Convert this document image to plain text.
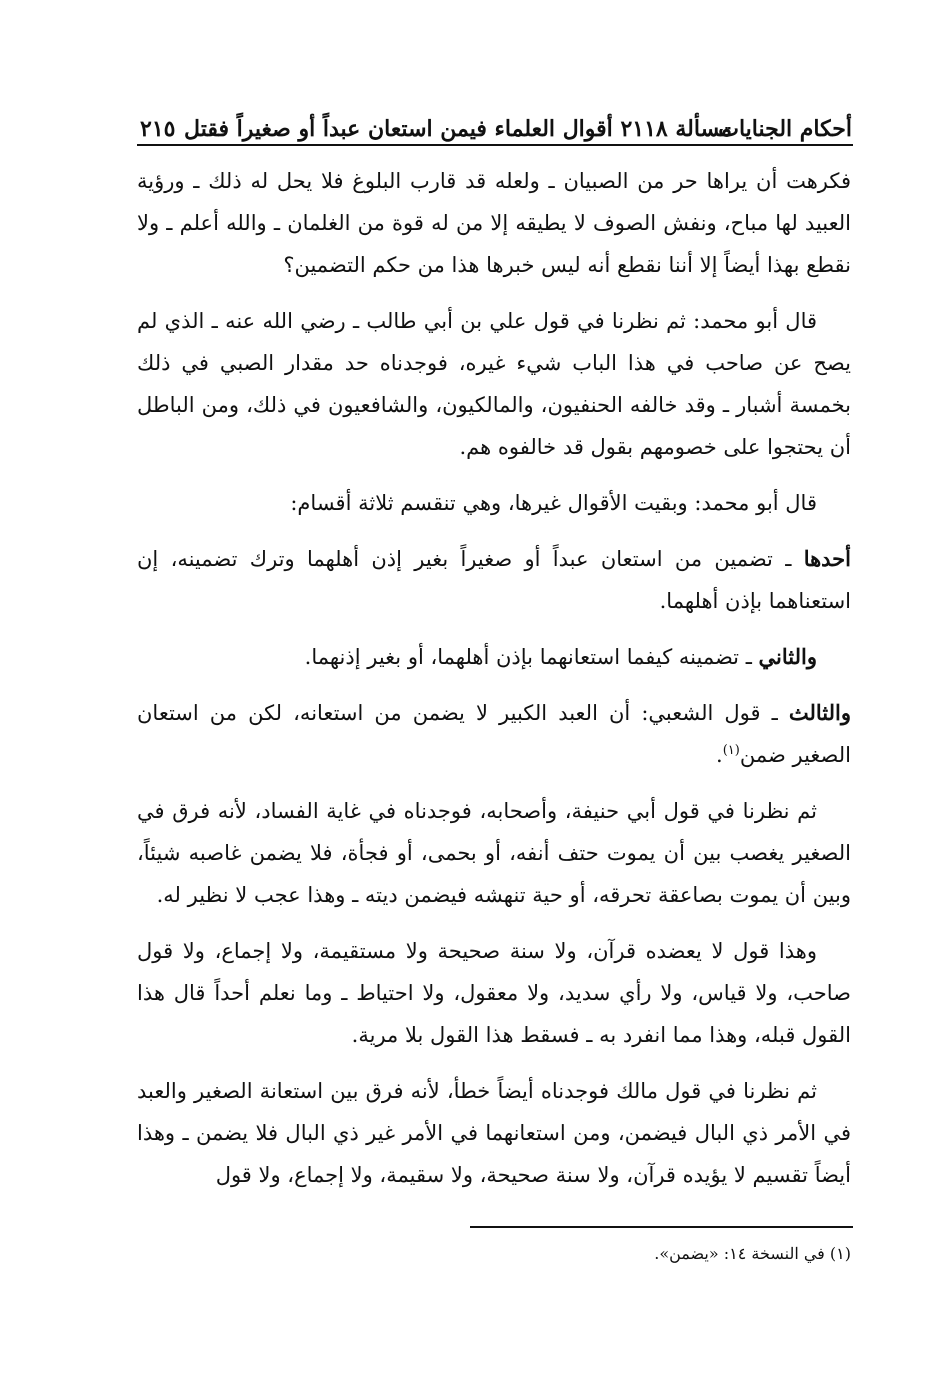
أحكام الجنايات
مسألة ٢١١٨ أقوال العلماء فيمن استعان عبداً أو صغيراً فقتل
٢١٥

فكرهت أن يراها حر من الصبيان ـ ولعله قد قارب البلوغ فلا يحل له ذلك ـ ورؤية العبيد لها مباح، ونفش الصوف لا يطيقه إلا من له قوة من الغلمان ـ والله أعلم ـ ولا نقطع بهذا أيضاً إلا أننا نقطع أنه ليس خبرها هذا من حكم التضمين؟

قال أبو محمد: ثم نظرنا في قول علي بن أبي طالب ـ رضي الله عنه ـ الذي لم يصح عن صاحب في هذا الباب شيء غيره، فوجدناه حد مقدار الصبي في ذلك بخمسة أشبار ـ وقد خالفه الحنفيون، والمالكيون، والشافعيون في ذلك، ومن الباطل أن يحتجوا على خصومهم بقول قد خالفوه هم.

قال أبو محمد: وبقيت الأقوال غيرها، وهي تنقسم ثلاثة أقسام:

أحدها ـ تضمين من استعان عبداً أو صغيراً بغير إذن أهلهما وترك تضمينه، إن استعناهما بإذن أهلهما.

والثاني ـ تضمينه كيفما استعانهما بإذن أهلهما، أو بغير إذنهما.

والثالث ـ قول الشعبي: أن العبد الكبير لا يضمن من استعانه، لكن من استعان الصغير ضمن$^{(١)}$.

ثم نظرنا في قول أبي حنيفة، وأصحابه، فوجدناه في غاية الفساد، لأنه فرق في الصغير يغصب بين أن يموت حتف أنفه، أو بحمى، أو فجأة، فلا يضمن غاصبه شيئاً، وبين أن يموت بصاعقة تحرقه، أو حية تنهشه فيضمن ديته ـ وهذا عجب لا نظير له.

وهذا قول لا يعضده قرآن، ولا سنة صحيحة ولا مستقيمة، ولا إجماع، ولا قول صاحب، ولا قياس، ولا رأي سديد، ولا معقول، ولا احتياط ـ وما نعلم أحداً قال هذا القول قبله، وهذا مما انفرد به ـ فسقط هذا القول بلا مرية.

ثم نظرنا في قول مالك فوجدناه أيضاً خطأ، لأنه فرق بين استعانة الصغير والعبد في الأمر ذي البال فيضمن، ومن استعانهما في الأمر غير ذي البال فلا يضمن ـ وهذا أيضاً تقسيم لا يؤيده قرآن، ولا سنة صحيحة، ولا سقيمة، ولا إجماع، ولا قول

(١) في النسخة ١٤: «يضمن».
